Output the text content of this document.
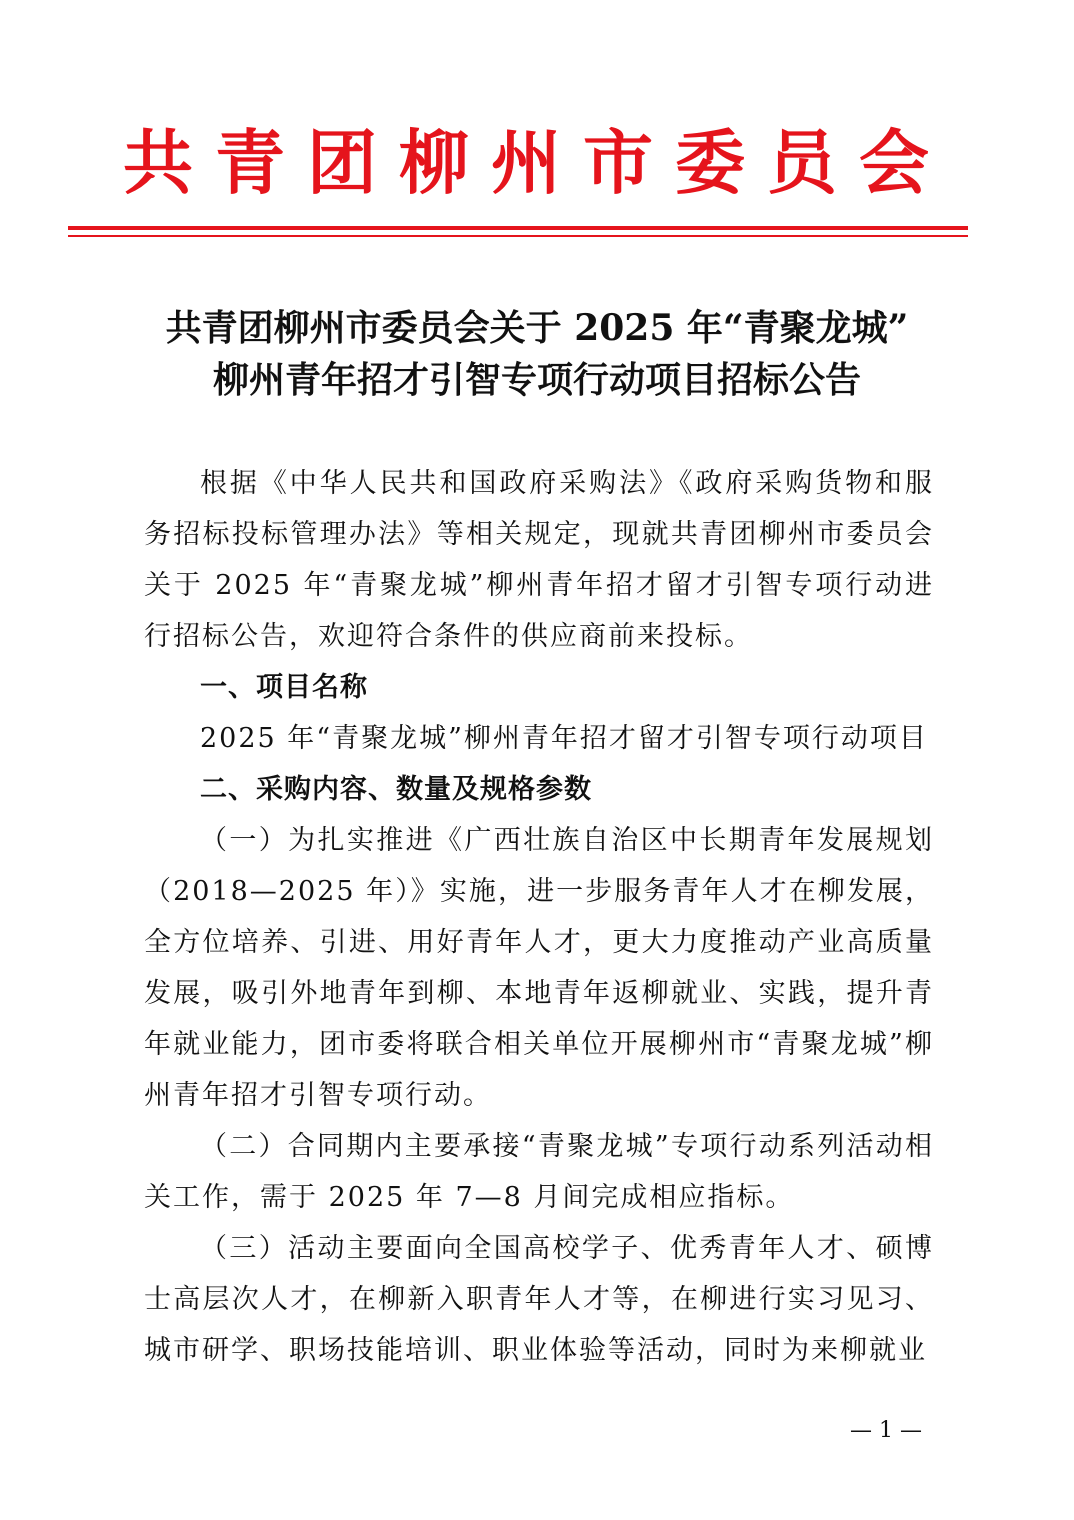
共青团柳州市委员会
共青团柳州市委员会关于 2025 年“青聚龙城”
柳州青年招才引智专项行动项目招标公告

根据《中华人民共和国政府采购法》《政府采购货物和服务招标投标管理办法》等相关规定，现就共青团柳州市委员会关于 2025 年“青聚龙城”柳州青年招才留才引智专项行动进行招标公告，欢迎符合条件的供应商前来投标。

一、项目名称

2025 年“青聚龙城”柳州青年招才留才引智专项行动项目

二、采购内容、数量及规格参数

（一）为扎实推进《广西壮族自治区中长期青年发展规划（2018—2025 年）》实施，进一步服务青年人才在柳发展，全方位培养、引进、用好青年人才，更大力度推动产业高质量发展，吸引外地青年到柳、本地青年返柳就业、实践，提升青年就业能力，团市委将联合相关单位开展柳州市“青聚龙城”柳州青年招才引智专项行动。

（二）合同期内主要承接“青聚龙城”专项行动系列活动相关工作，需于 2025 年 7—8 月间完成相应指标。

（三）活动主要面向全国高校学子、优秀青年人才、硕博士高层次人才，在柳新入职青年人才等，在柳进行实习见习、城市研学、职场技能培训、职业体验等活动，同时为来柳就业

— 1 —
